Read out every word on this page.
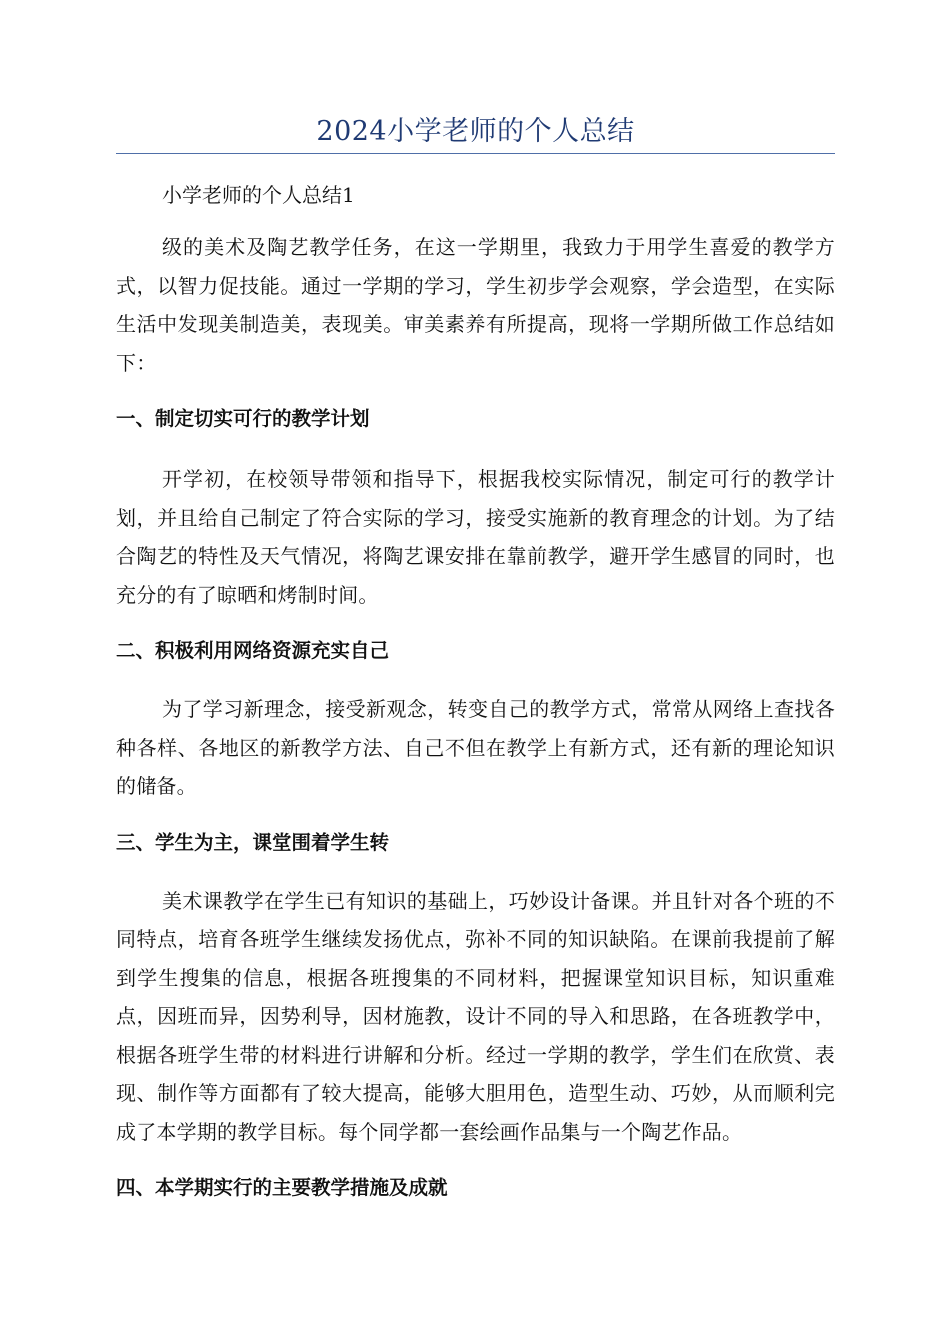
2024小学老师的个人总结

小学老师的个人总结1

级的美术及陶艺教学任务，在这一学期里，我致力于用学生喜爱的教学方式，以智力促技能。通过一学期的学习，学生初步学会观察，学会造型，在实际生活中发现美制造美，表现美。审美素养有所提高，现将一学期所做工作总结如下：

一、制定切实可行的教学计划

开学初，在校领导带领和指导下，根据我校实际情况，制定可行的教学计划，并且给自己制定了符合实际的学习，接受实施新的教育理念的计划。为了结合陶艺的特性及天气情况，将陶艺课安排在靠前教学，避开学生感冒的同时，也充分的有了晾晒和烤制时间。

二、积极利用网络资源充实自己

为了学习新理念，接受新观念，转变自己的教学方式，常常从网络上查找各种各样、各地区的新教学方法、自己不但在教学上有新方式，还有新的理论知识的储备。

三、学生为主，课堂围着学生转

美术课教学在学生已有知识的基础上，巧妙设计备课。并且针对各个班的不同特点，培育各班学生继续发扬优点，弥补不同的知识缺陷。在课前我提前了解到学生搜集的信息，根据各班搜集的不同材料，把握课堂知识目标，知识重难点，因班而异，因势利导，因材施教，设计不同的导入和思路，在各班教学中，根据各班学生带的材料进行讲解和分析。经过一学期的教学，学生们在欣赏、表现、制作等方面都有了较大提高，能够大胆用色，造型生动、巧妙，从而顺利完成了本学期的教学目标。每个同学都一套绘画作品集与一个陶艺作品。

四、本学期实行的主要教学措施及成就
